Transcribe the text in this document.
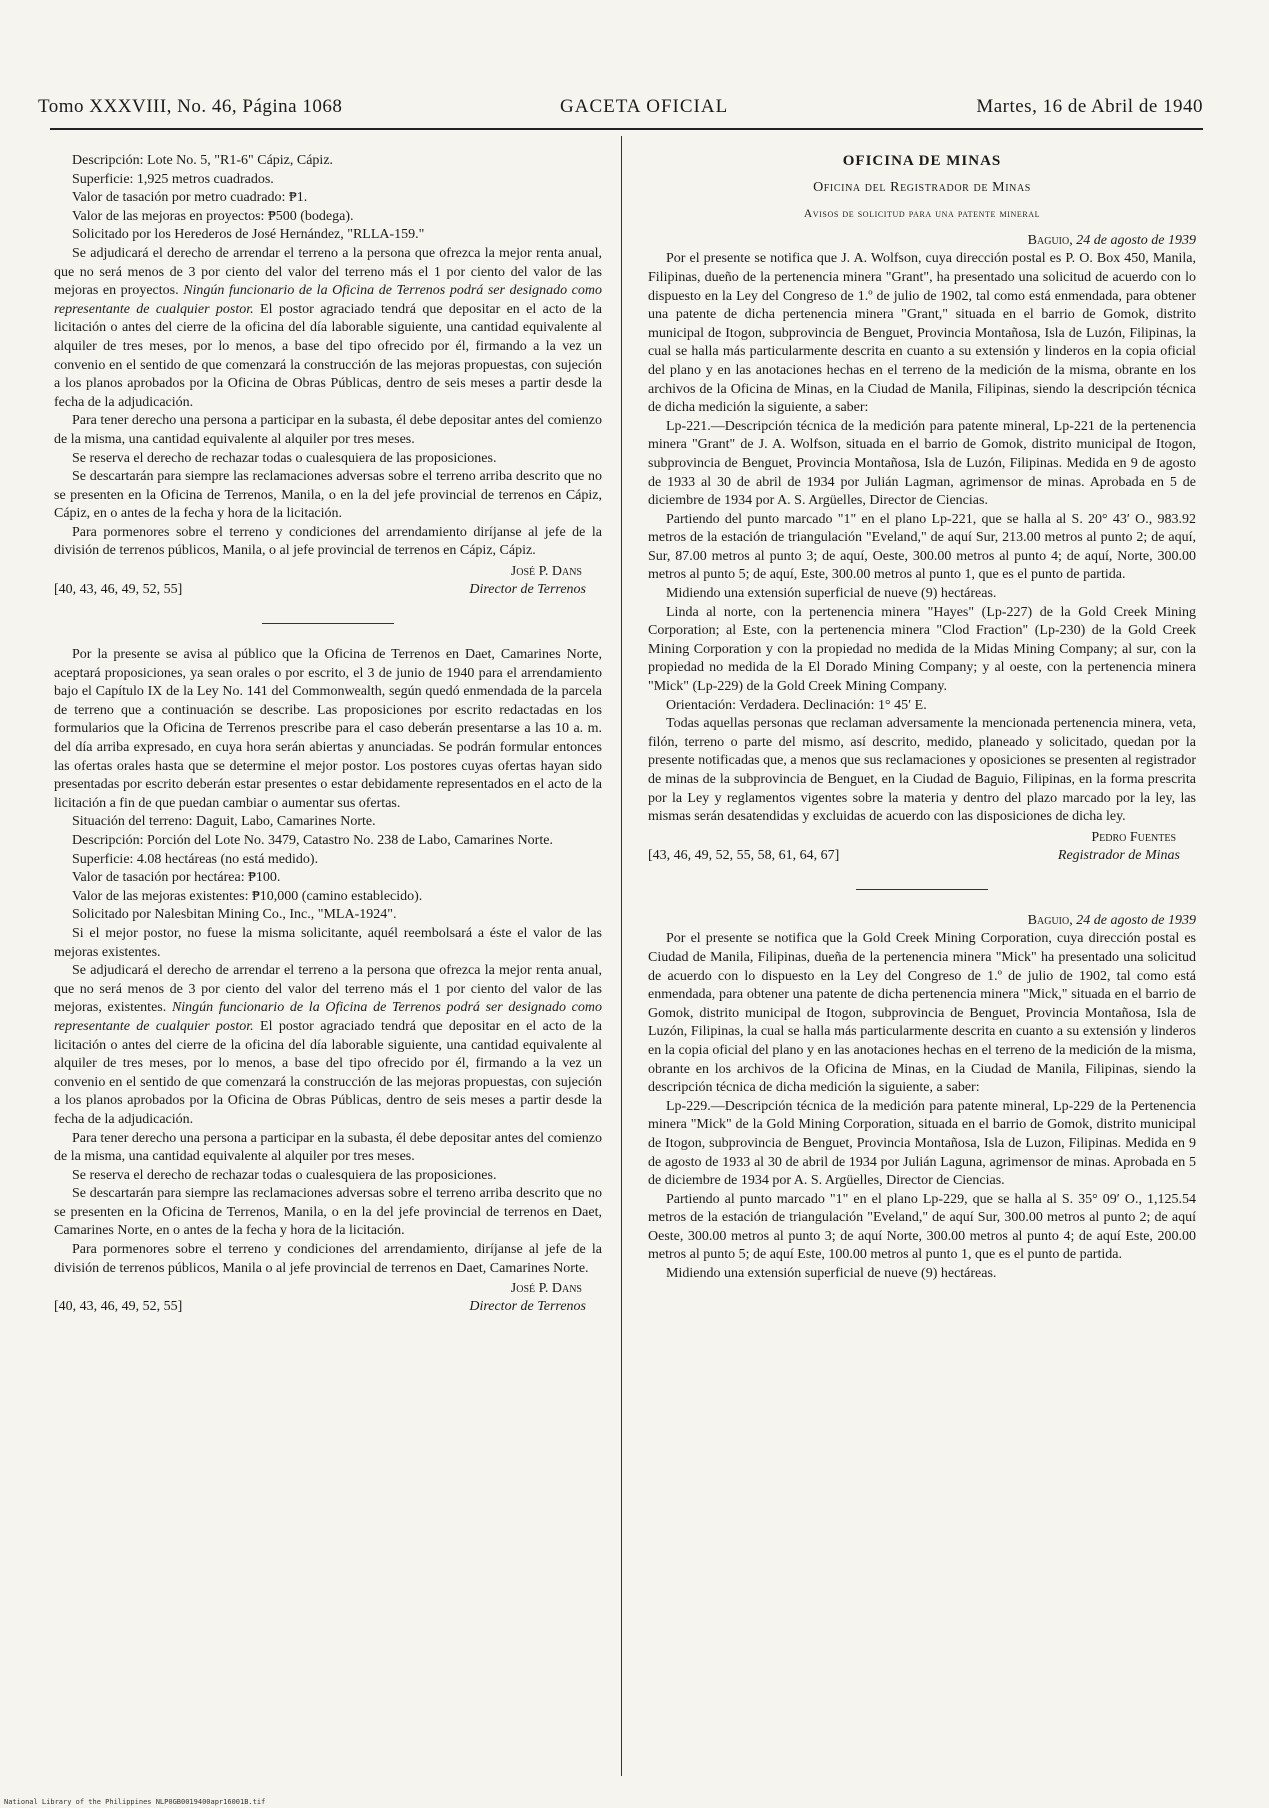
Tomo XXXVIII, No. 46, Página 1068	GACETA OFICIAL	Martes, 16 de Abril de 1940

Descripción: Lote No. 5, "R1-6" Cápiz, Cápiz.

Superficie: 1,925 metros cuadrados.

Valor de tasación por metro cuadrado: ₱1.

Valor de las mejoras en proyectos: ₱500 (bodega).

Solicitado por los Herederos de José Hernández, "RLLA-159."

Se adjudicará el derecho de arrendar el terreno a la persona que ofrezca la mejor renta anual, que no será menos de 3 por ciento del valor del terreno más el 1 por ciento del valor de las mejoras en proyectos. Ningún funcionario de la Oficina de Terrenos podrá ser designado como representante de cualquier postor. El postor agraciado tendrá que depositar en el acto de la licitación o antes del cierre de la oficina del día laborable siguiente, una cantidad equivalente al alquiler de tres meses, por lo menos, a base del tipo ofrecido por él, firmando a la vez un convenio en el sentido de que comenzará la construcción de las mejoras propuestas, con sujeción a los planos aprobados por la Oficina de Obras Públicas, dentro de seis meses a partir desde la fecha de la adjudicación.

Para tener derecho una persona a participar en la subasta, él debe depositar antes del comienzo de la misma, una cantidad equivalente al alquiler por tres meses.

Se reserva el derecho de rechazar todas o cualesquiera de las proposiciones.

Se descartarán para siempre las reclamaciones adversas sobre el terreno arriba descrito que no se presenten en la Oficina de Terrenos, Manila, o en la del jefe provincial de terrenos en Cápiz, Cápiz, en o antes de la fecha y hora de la licitación.

Para pormenores sobre el terreno y condiciones del arrendamiento diríjanse al jefe de la división de terrenos públicos, Manila, o al jefe provincial de terrenos en Cápiz, Cápiz.

José P. Dans
Director de Terrenos
[40, 43, 46, 49, 52, 55]

Por la presente se avisa al público que la Oficina de Terrenos en Daet, Camarines Norte, aceptará proposiciones, ya sean orales o por escrito, el 3 de junio de 1940 para el arrendamiento bajo el Capítulo IX de la Ley No. 141 del Commonwealth, según quedó enmendada de la parcela de terreno que a continuación se describe. Las proposiciones por escrito redactadas en los formularios que la Oficina de Terrenos prescribe para el caso deberán presentarse a las 10 a. m. del día arriba expresado, en cuya hora serán abiertas y anunciadas. Se podrán formular entonces las ofertas orales hasta que se determine el mejor postor. Los postores cuyas ofertas hayan sido presentadas por escrito deberán estar presentes o estar debidamente representados en el acto de la licitación a fin de que puedan cambiar o aumentar sus ofertas.

Situación del terreno: Daguit, Labo, Camarines Norte.

Descripción: Porción del Lote No. 3479, Catastro No. 238 de Labo, Camarines Norte.

Superficie: 4.08 hectáreas (no está medido).

Valor de tasación por hectárea: ₱100.

Valor de las mejoras existentes: ₱10,000 (camino establecido).

Solicitado por Nalesbitan Mining Co., Inc., "MLA-1924".

Si el mejor postor, no fuese la misma solicitante, aquél reembolsará a éste el valor de las mejoras existentes.

Se adjudicará el derecho de arrendar el terreno a la persona que ofrezca la mejor renta anual, que no será menos de 3 por ciento del valor del terreno más el 1 por ciento del valor de las mejoras, existentes. Ningún funcionario de la Oficina de Terrenos podrá ser designado como representante de cualquier postor. El postor agraciado tendrá que depositar en el acto de la licitación o antes del cierre de la oficina del día laborable siguiente, una cantidad equivalente al alquiler de tres meses, por lo menos, a base del tipo ofrecido por él, firmando a la vez un convenio en el sentido de que comenzará la construcción de las mejoras propuestas, con sujeción a los planos aprobados por la Oficina de Obras Públicas, dentro de seis meses a partir desde la fecha de la adjudicación.

Para tener derecho una persona a participar en la subasta, él debe depositar antes del comienzo de la misma, una cantidad equivalente al alquiler por tres meses.

Se reserva el derecho de rechazar todas o cualesquiera de las proposiciones.

Se descartarán para siempre las reclamaciones adversas sobre el terreno arriba descrito que no se presenten en la Oficina de Terrenos, Manila, o en la del jefe provincial de terrenos en Daet, Camarines Norte, en o antes de la fecha y hora de la licitación.

Para pormenores sobre el terreno y condiciones del arrendamiento, diríjanse al jefe de la división de terrenos públicos, Manila o al jefe provincial de terrenos en Daet, Camarines Norte.

José P. Dans
Director de Terrenos
[40, 43, 46, 49, 52, 55]
OFICINA DE MINAS
Oficina del Registrador de Minas
Avisos de solicitud para una patente mineral

Baguio, 24 de agosto de 1939

Por el presente se notifica que J. A. Wolfson, cuya dirección postal es P. O. Box 450, Manila, Filipinas, dueño de la pertenencia minera "Grant", ha presentado una solicitud de acuerdo con lo dispuesto en la Ley del Congreso de 1.º de julio de 1902, tal como está enmendada, para obtener una patente de dicha pertenencia minera "Grant," situada en el barrio de Gomok, distrito municipal de Itogon, subprovincia de Benguet, Provincia Montañosa, Isla de Luzón, Filipinas, la cual se halla más particularmente descrita en cuanto a su extensión y linderos en la copia oficial del plano y en las anotaciones hechas en el terreno de la medición de la misma, obrante en los archivos de la Oficina de Minas, en la Ciudad de Manila, Filipinas, siendo la descripción técnica de dicha medición la siguiente, a saber:

Lp-221.—Descripción técnica de la medición para patente mineral, Lp-221 de la pertenencia minera "Grant" de J. A. Wolfson, situada en el barrio de Gomok, distrito municipal de Itogon, subprovincia de Benguet, Provincia Montañosa, Isla de Luzón, Filipinas. Medida en 9 de agosto de 1933 al 30 de abril de 1934 por Julián Lagman, agrimensor de minas. Aprobada en 5 de diciembre de 1934 por A. S. Argüelles, Director de Ciencias.

Partiendo del punto marcado "1" en el plano Lp-221, que se halla al S. 20° 43′ O., 983.92 metros de la estación de triangulación "Eveland," de aquí Sur, 213.00 metros al punto 2; de aquí, Sur, 87.00 metros al punto 3; de aquí, Oeste, 300.00 metros al punto 4; de aquí, Norte, 300.00 metros al punto 5; de aquí, Este, 300.00 metros al punto 1, que es el punto de partida.

Midiendo una extensión superficial de nueve (9) hectáreas.

Linda al norte, con la pertenencia minera "Hayes" (Lp-227) de la Gold Creek Mining Corporation; al Este, con la pertenencia minera "Clod Fraction" (Lp-230) de la Gold Creek Mining Corporation y con la propiedad no medida de la Midas Mining Company; al sur, con la propiedad no medida de la El Dorado Mining Company; y al oeste, con la pertenencia minera "Mick" (Lp-229) de la Gold Creek Mining Company.

Orientación: Verdadera. Declinación: 1° 45′ E.

Todas aquellas personas que reclaman adversamente la mencionada pertenencia minera, veta, filón, terreno o parte del mismo, así descrito, medido, planeado y solicitado, quedan por la presente notificadas que, a menos que sus reclamaciones y oposiciones se presenten al registrador de minas de la subprovincia de Benguet, en la Ciudad de Baguio, Filipinas, en la forma prescrita por la Ley y reglamentos vigentes sobre la materia y dentro del plazo marcado por la ley, las mismas serán desatendidas y excluidas de acuerdo con las disposiciones de dicha ley.

Pedro Fuentes
Registrador de Minas
[43, 46, 49, 52, 55, 58, 61, 64, 67]

Baguio, 24 de agosto de 1939

Por el presente se notifica que la Gold Creek Mining Corporation, cuya dirección postal es Ciudad de Manila, Filipinas, dueña de la pertenencia minera "Mick" ha presentado una solicitud de acuerdo con lo dispuesto en la Ley del Congreso de 1.º de julio de 1902, tal como está enmendada, para obtener una patente de dicha pertenencia minera "Mick," situada en el barrio de Gomok, distrito municipal de Itogon, subprovincia de Benguet, Provincia Montañosa, Isla de Luzón, Filipinas, la cual se halla más particularmente descrita en cuanto a su extensión y linderos en la copia oficial del plano y en las anotaciones hechas en el terreno de la medición de la misma, obrante en los archivos de la Oficina de Minas, en la Ciudad de Manila, Filipinas, siendo la descripción técnica de dicha medición la siguiente, a saber:

Lp-229.—Descripción técnica de la medición para patente mineral, Lp-229 de la Pertenencia minera "Mick" de la Gold Mining Corporation, situada en el barrio de Gomok, distrito municipal de Itogon, subprovincia de Benguet, Provincia Montañosa, Isla de Luzon, Filipinas. Medida en 9 de agosto de 1933 al 30 de abril de 1934 por Julián Laguna, agrimensor de minas. Aprobada en 5 de diciembre de 1934 por A. S. Argüelles, Director de Ciencias.

Partiendo al punto marcado "1" en el plano Lp-229, que se halla al S. 35° 09′ O., 1,125.54 metros de la estación de triangulación "Eveland," de aquí Sur, 300.00 metros al punto 2; de aquí Oeste, 300.00 metros al punto 3; de aquí Norte, 300.00 metros al punto 4; de aquí Este, 200.00 metros al punto 5; de aquí Este, 100.00 metros al punto 1, que es el punto de partida.

Midiendo una extensión superficial de nueve (9) hectáreas.

National Library of the Philippines NLP0GB0019400apr16001B.tif
